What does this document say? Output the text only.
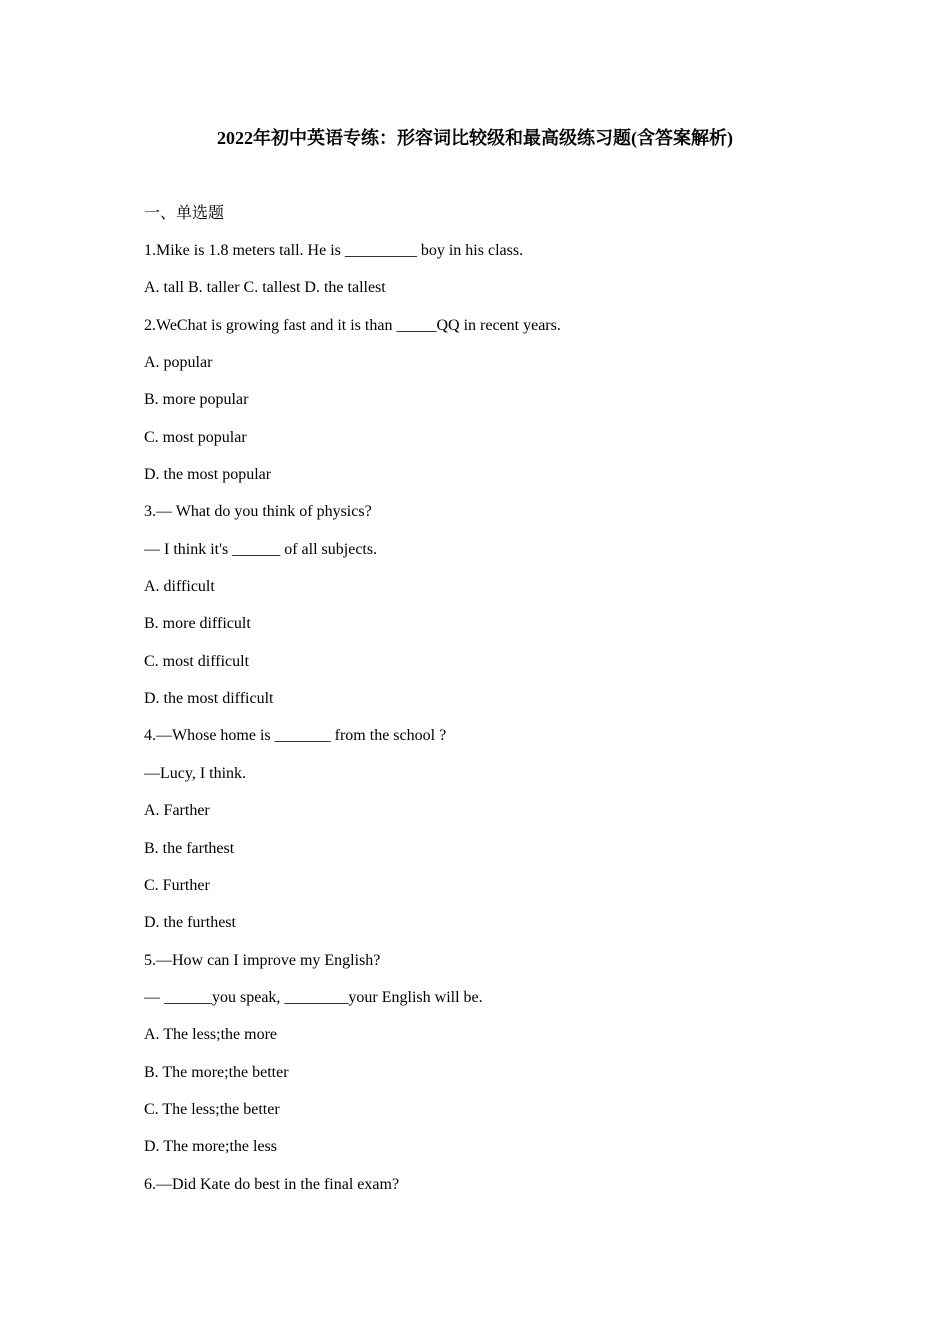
2022年初中英语专练：形容词比较级和最高级练习题(含答案解析)
一、单选题
1.Mike is 1.8 meters tall. He is _________ boy in his class.
A. tall B. taller C. tallest D. the tallest
2.WeChat is growing fast and it is than _____QQ in recent years.
A. popular
B. more popular
C. most popular
D. the most popular
3.— What do you think of physics?
— I think it's ______ of all subjects.
A. difficult
B. more difficult
C. most difficult
D. the most difficult
4.—Whose home is _______ from the school ?
—Lucy, I think.
A. Farther
B. the farthest
C. Further
D. the furthest
5.—How can I improve my English?
— ______you speak, ________your English will be.
A. The less;the more
B. The more;the better
C. The less;the better
D. The more;the less
6.—Did Kate do best in the final exam?
